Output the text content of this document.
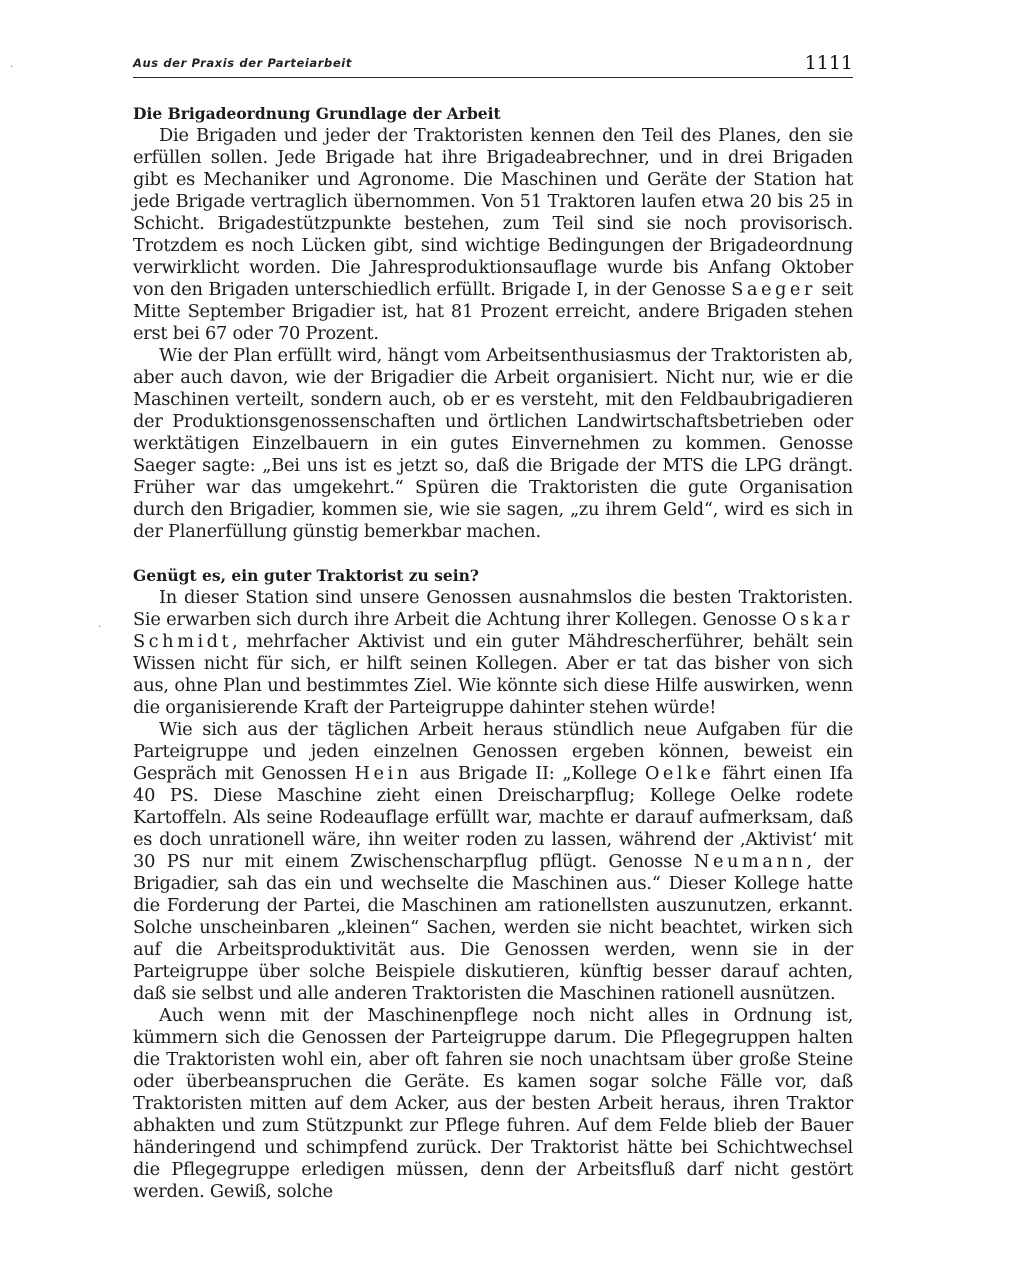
Aus der Praxis der Parteiarbeit	1111
·
·
Die Brigadeordnung Grundlage der Arbeit

Die Brigaden und jeder der Traktoristen kennen den Teil des Planes, den sie erfüllen sollen. Jede Brigade hat ihre Brigadeabrechner, und in drei Brigaden gibt es Mechaniker und Agronome. Die Maschinen und Geräte der Station hat jede Brigade vertraglich übernommen. Von 51 Traktoren laufen etwa 20 bis 25 in Schicht. Brigadestützpunkte bestehen, zum Teil sind sie noch provisorisch. Trotzdem es noch Lücken gibt, sind wichtige Bedingungen der Brigadeordnung verwirklicht worden. Die Jahresproduktionsauflage wurde bis Anfang Oktober von den Brigaden unterschiedlich erfüllt. Brigade I, in der Genosse Saeger seit Mitte September Brigadier ist, hat 81 Prozent erreicht, andere Brigaden stehen erst bei 67 oder 70 Prozent.

Wie der Plan erfüllt wird, hängt vom Arbeitsenthusiasmus der Traktoristen ab, aber auch davon, wie der Brigadier die Arbeit organisiert. Nicht nur, wie er die Maschinen verteilt, sondern auch, ob er es versteht, mit den Feldbaubrigadieren der Produktionsgenossenschaften und örtlichen Landwirtschaftsbetrieben oder werktätigen Einzelbauern in ein gutes Einvernehmen zu kommen. Genosse Saeger sagte: „Bei uns ist es jetzt so, daß die Brigade der MTS die LPG drängt. Früher war das umgekehrt.“ Spüren die Traktoristen die gute Organisation durch den Brigadier, kommen sie, wie sie sagen, „zu ihrem Geld“, wird es sich in der Planerfüllung günstig bemerkbar machen.

Genügt es, ein guter Traktorist zu sein?

In dieser Station sind unsere Genossen ausnahmslos die besten Traktoristen. Sie erwarben sich durch ihre Arbeit die Achtung ihrer Kollegen. Genosse Oskar Schmidt, mehrfacher Aktivist und ein guter Mähdrescherführer, behält sein Wissen nicht für sich, er hilft seinen Kollegen. Aber er tat das bisher von sich aus, ohne Plan und bestimmtes Ziel. Wie könnte sich diese Hilfe auswirken, wenn die organisierende Kraft der Parteigruppe dahinter stehen würde!

Wie sich aus der täglichen Arbeit heraus stündlich neue Aufgaben für die Parteigruppe und jeden einzelnen Genossen ergeben können, beweist ein Gespräch mit Genossen Hein aus Brigade II: „Kollege Oelke fährt einen Ifa 40 PS. Diese Maschine zieht einen Dreischarpflug; Kollege Oelke rodete Kartoffeln. Als seine Rodeauflage erfüllt war, machte er darauf aufmerksam, daß es doch unrationell wäre, ihn weiter roden zu lassen, während der ‚Aktivist‘ mit 30 PS nur mit einem Zwischenscharpflug pflügt. Genosse Neumann, der Brigadier, sah das ein und wechselte die Maschinen aus.“ Dieser Kollege hatte die Forderung der Partei, die Maschinen am rationellsten auszunutzen, erkannt. Solche unscheinbaren „kleinen“ Sachen, werden sie nicht beachtet, wirken sich auf die Arbeitsproduktivität aus. Die Genossen werden, wenn sie in der Parteigruppe über solche Beispiele diskutieren, künftig besser darauf achten, daß sie selbst und alle anderen Traktoristen die Maschinen rationell ausnützen.

Auch wenn mit der Maschinenpflege noch nicht alles in Ordnung ist, kümmern sich die Genossen der Parteigruppe darum. Die Pflegegruppen halten die Traktoristen wohl ein, aber oft fahren sie noch unachtsam über große Steine oder überbeanspruchen die Geräte. Es kamen sogar solche Fälle vor, daß Traktoristen mitten auf dem Acker, aus der besten Arbeit heraus, ihren Traktor abhakten und zum Stützpunkt zur Pflege fuhren. Auf dem Felde blieb der Bauer händeringend und schimpfend zurück. Der Traktorist hätte bei Schichtwechsel die Pflegegruppe erledigen müssen, denn der Arbeitsfluß darf nicht gestört werden. Gewiß, solche
